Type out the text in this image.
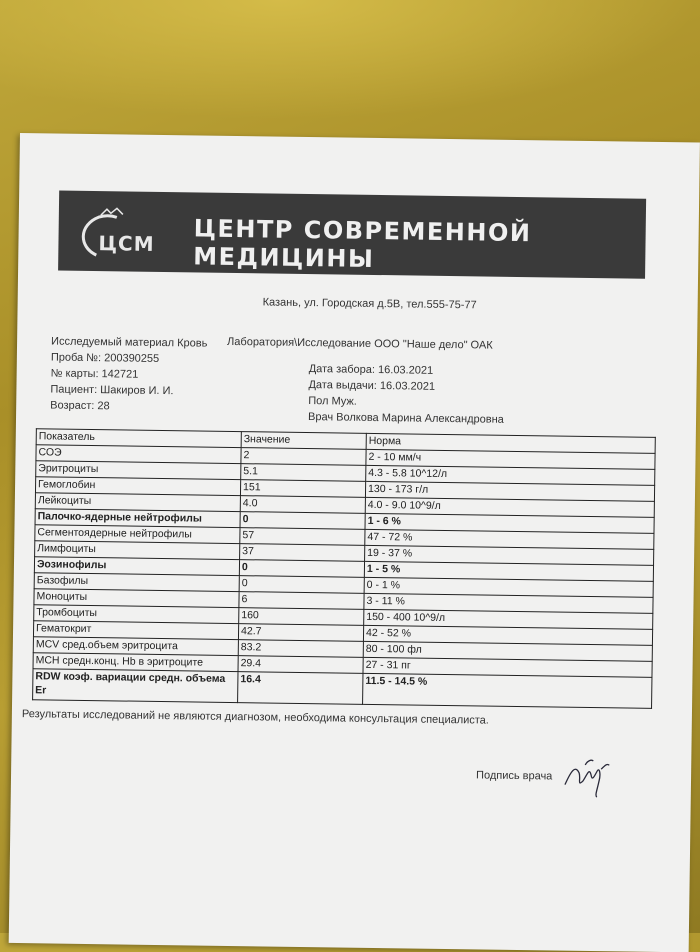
ЦСМ ЦЕНТР СОВРЕМЕННОЙ МЕДИЦИНЫ
Казань, ул. Городская д.5В, тел.555-75-77
Лаборатория\Исследование ООО "Наше дело" ОАК
Исследуемый материал Кровь
Проба №: 200390255
№ карты: 142721
Пациент: Шакиров И. И.
Возраст: 28
Дата забора: 16.03.2021
Дата выдачи: 16.03.2021
Пол Муж.
Врач Волкова Марина Александровна
Показатель	Значение	Норма
СОЭ	2	2 - 10 мм/ч
Эритроциты	5.1	4.3 - 5.8 10^12/л
Гемоглобин	151	130 - 173 г/л
Лейкоциты	4.0	4.0 - 9.0 10^9/л
Палочко-ядерные нейтрофилы	0	1 - 6 %
Сегментоядерные нейтрофилы	57	47 - 72 %
Лимфоциты	37	19 - 37 %
Эозинофилы	0	1 - 5 %
Базофилы	0	0 - 1 %
Моноциты	6	3 - 11 %
Тромбоциты	160	150 - 400 10^9/л
Гематокрит	42.7	42 - 52 %
MCV сред.объем эритроцита	83.2	80 - 100 фл
MCH средн.конц. Hb в эритроците	29.4	27 - 31 пг
RDW коэф. вариации средн. объема Er	16.4	11.5 - 14.5 %
Результаты исследований не являются диагнозом, необходима консультация специалиста.
Подпись врача
